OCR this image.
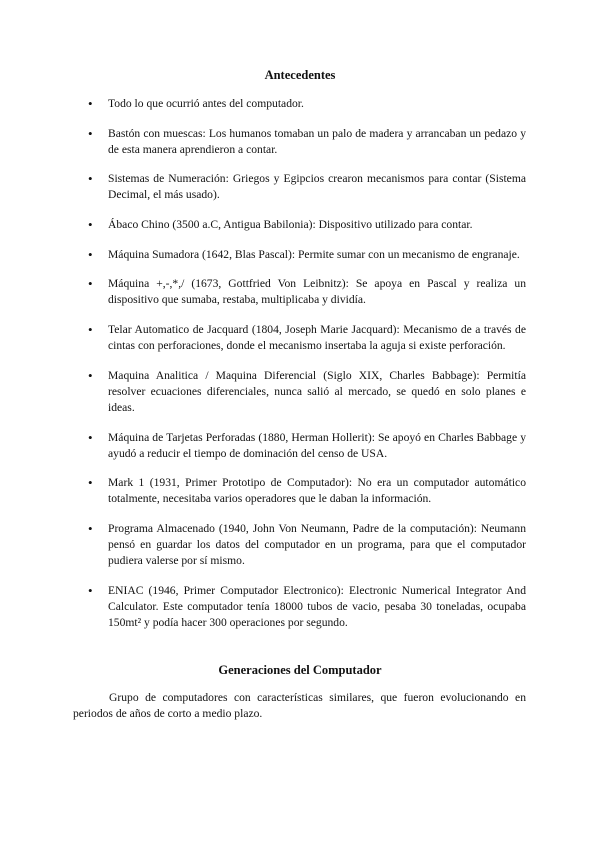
Antecedentes
• Todo lo que ocurrió antes del computador.
• Bastón con muescas: Los humanos tomaban un palo de madera y arrancaban un pedazo y de esta manera aprendieron a contar.
• Sistemas de Numeración: Griegos y Egipcios crearon mecanismos para contar (Sistema Decimal, el más usado).
• Ábaco Chino (3500 a.C, Antigua Babilonia): Dispositivo utilizado para contar.
• Máquina Sumadora (1642, Blas Pascal): Permite sumar con un mecanismo de engranaje.
• Máquina +,-,*,/ (1673, Gottfried Von Leibnitz): Se apoya en Pascal y realiza un dispositivo que sumaba, restaba, multiplicaba y dividía.
• Telar Automatico de Jacquard (1804, Joseph Marie Jacquard): Mecanismo de a través de cintas con perforaciones, donde el mecanismo insertaba la aguja si existe perforación.
• Maquina Analitica / Maquina Diferencial (Siglo XIX, Charles Babbage): Permitía resolver ecuaciones diferenciales, nunca salió al mercado, se quedó en solo planes e ideas.
• Máquina de Tarjetas Perforadas (1880, Herman Hollerit): Se apoyó en Charles Babbage y ayudó a reducir el tiempo de dominación del censo de USA.
• Mark 1 (1931, Primer Prototipo de Computador): No era un computador automático totalmente, necesitaba varios operadores que le daban la información.
• Programa Almacenado (1940, John Von Neumann, Padre de la computación): Neumann pensó en guardar los datos del computador en un programa, para que el computador pudiera valerse por sí mismo.
• ENIAC (1946, Primer Computador Electronico): Electronic Numerical Integrator And Calculator. Este computador tenía 18000 tubos de vacio, pesaba 30 toneladas, ocupaba 150mt² y podía hacer 300 operaciones por segundo.
Generaciones del Computador

Grupo de computadores con características similares, que fueron evolucionando en periodos de años de corto a medio plazo.
